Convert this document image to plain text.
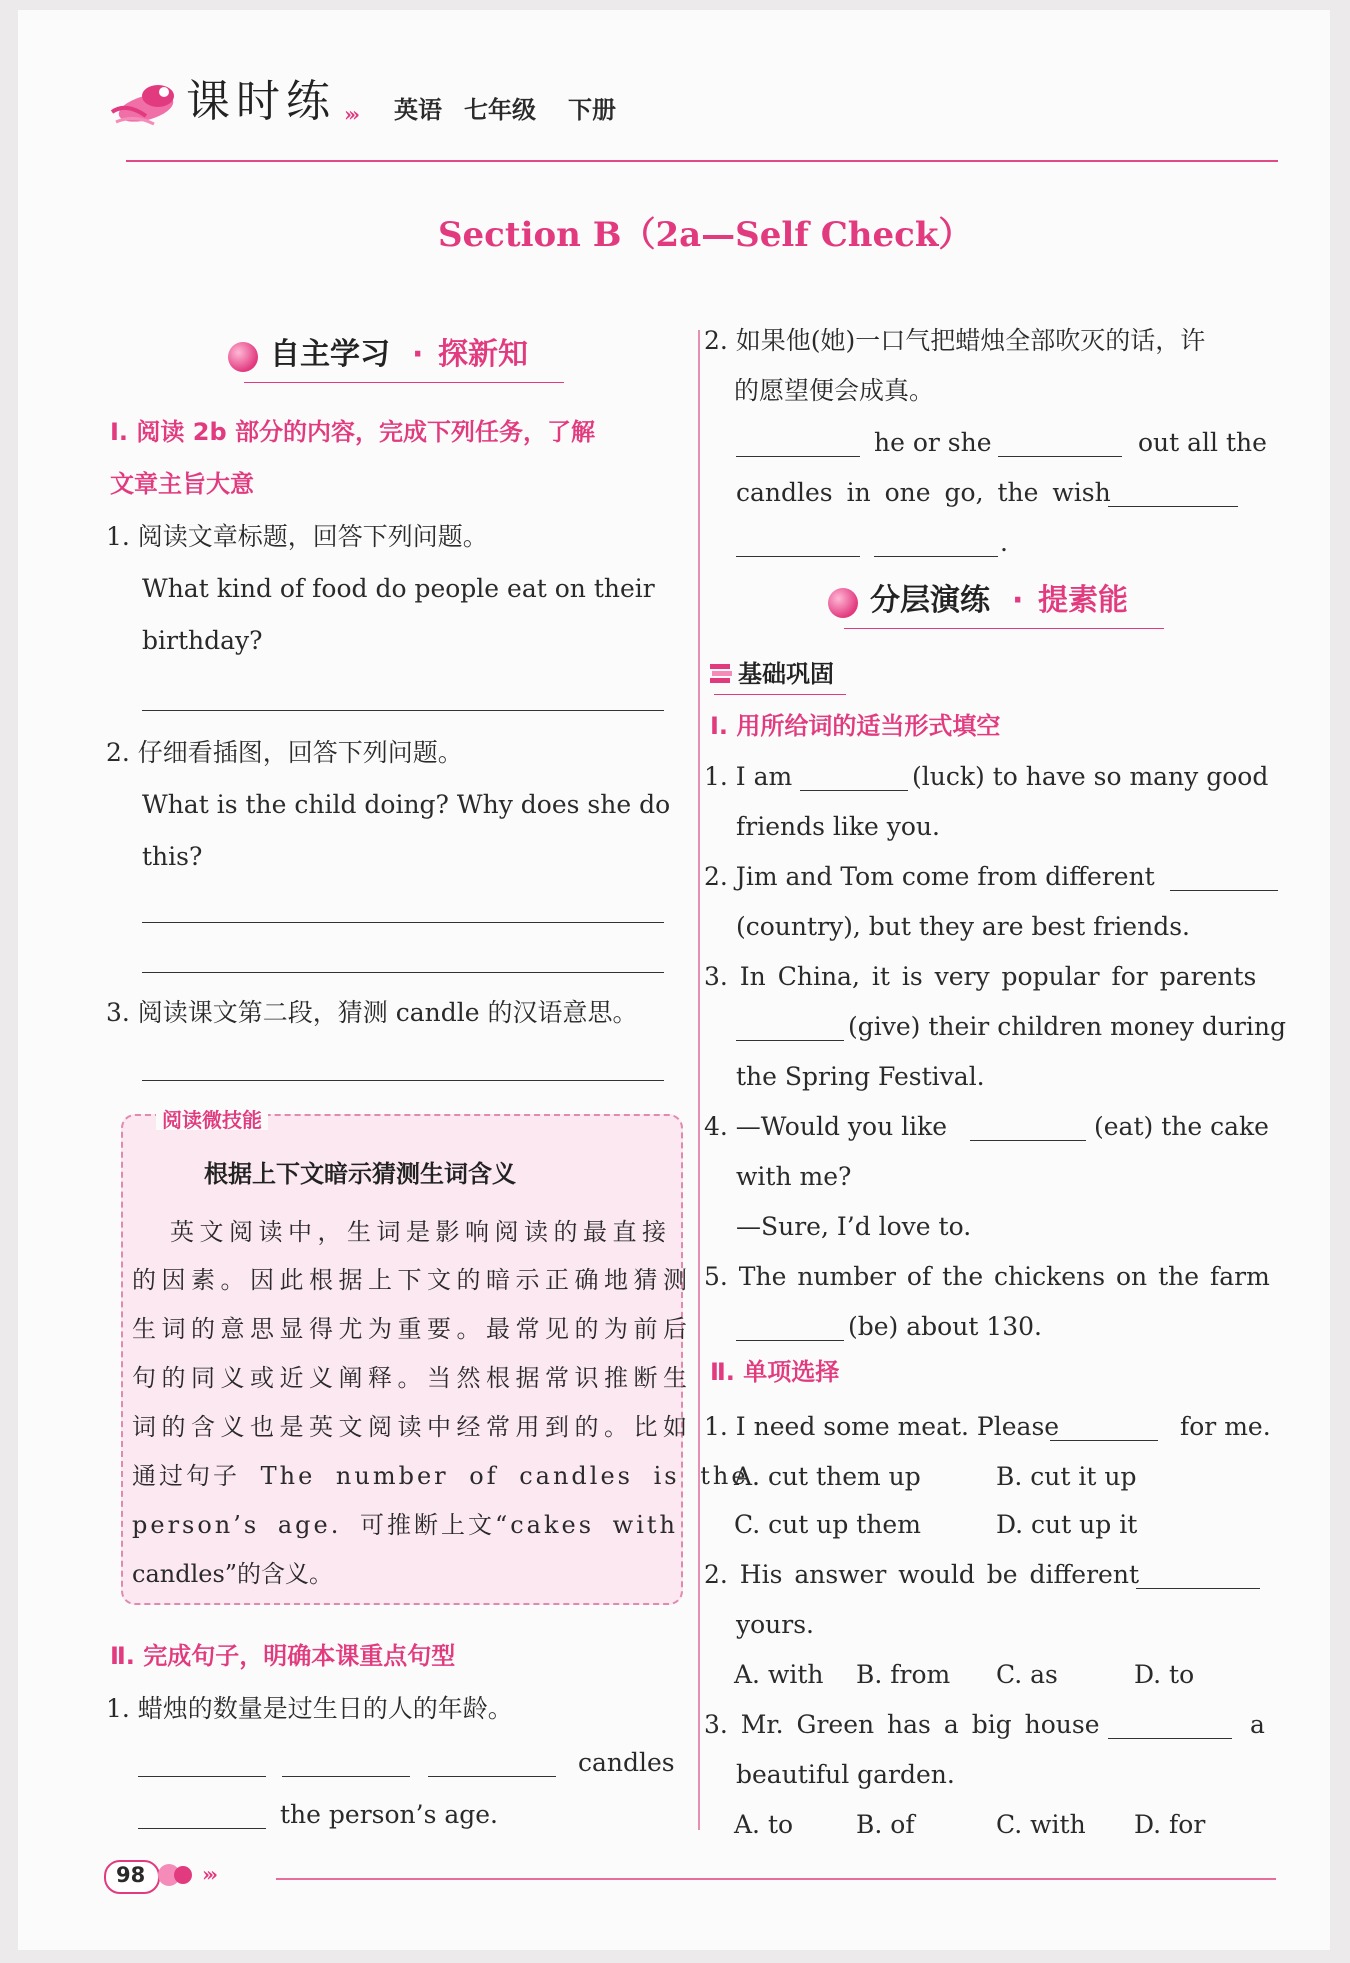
课时练 ››› 英语 七年级 下册
Section B（2a—Self Check）
自主学习 · 探新知
Ⅰ. 阅读 2b 部分的内容，完成下列任务，了解
文章主旨大意
1. 阅读文章标题，回答下列问题。
What kind of food do people eat on their
birthday?
2. 仔细看插图，回答下列问题。
What is the child doing? Why does she do
this?
3. 阅读课文第二段，猜测 candle 的汉语意思。
阅读微技能
根据上下文暗示猜测生词含义
英文阅读中，生词是影响阅读的最直接
的因素。因此根据上下文的暗示正确地猜测
生词的意思显得尤为重要。最常见的为前后
句的同义或近义阐释。当然根据常识推断生
词的含义也是英文阅读中经常用到的。比如
通过句子 The number of candles is the
person’s age. 可推断上文“cakes with
candles”的含义。
Ⅱ. 完成句子，明确本课重点句型
1. 蜡烛的数量是过生日的人的年龄。
candles
the person’s age.
2. 如果他(她)一口气把蜡烛全部吹灭的话，许
的愿望便会成真。
he or she	out all the
candles in one go, the wish
.
分层演练 · 提素能
基础巩固
Ⅰ. 用所给词的适当形式填空
1. I am	(luck) to have so many good
friends like you.
2. Jim and Tom come from different
(country), but they are best friends.
3. In China, it is very popular for parents
(give) their children money during
the Spring Festival.
4. —Would you like	(eat) the cake
with me?
—Sure, I’d love to.
5. The number of the chickens on the farm
(be) about 130.
Ⅱ. 单项选择
1. I need some meat. Please	for me.
A. cut them up	B. cut it up
C. cut up them	D. cut up it
2. His answer would be different
yours.
A. with B. from C. as	D. to
3. Mr. Green has a big house	a
beautiful garden.
A. to	B. of	C. with D. for
98	›››
